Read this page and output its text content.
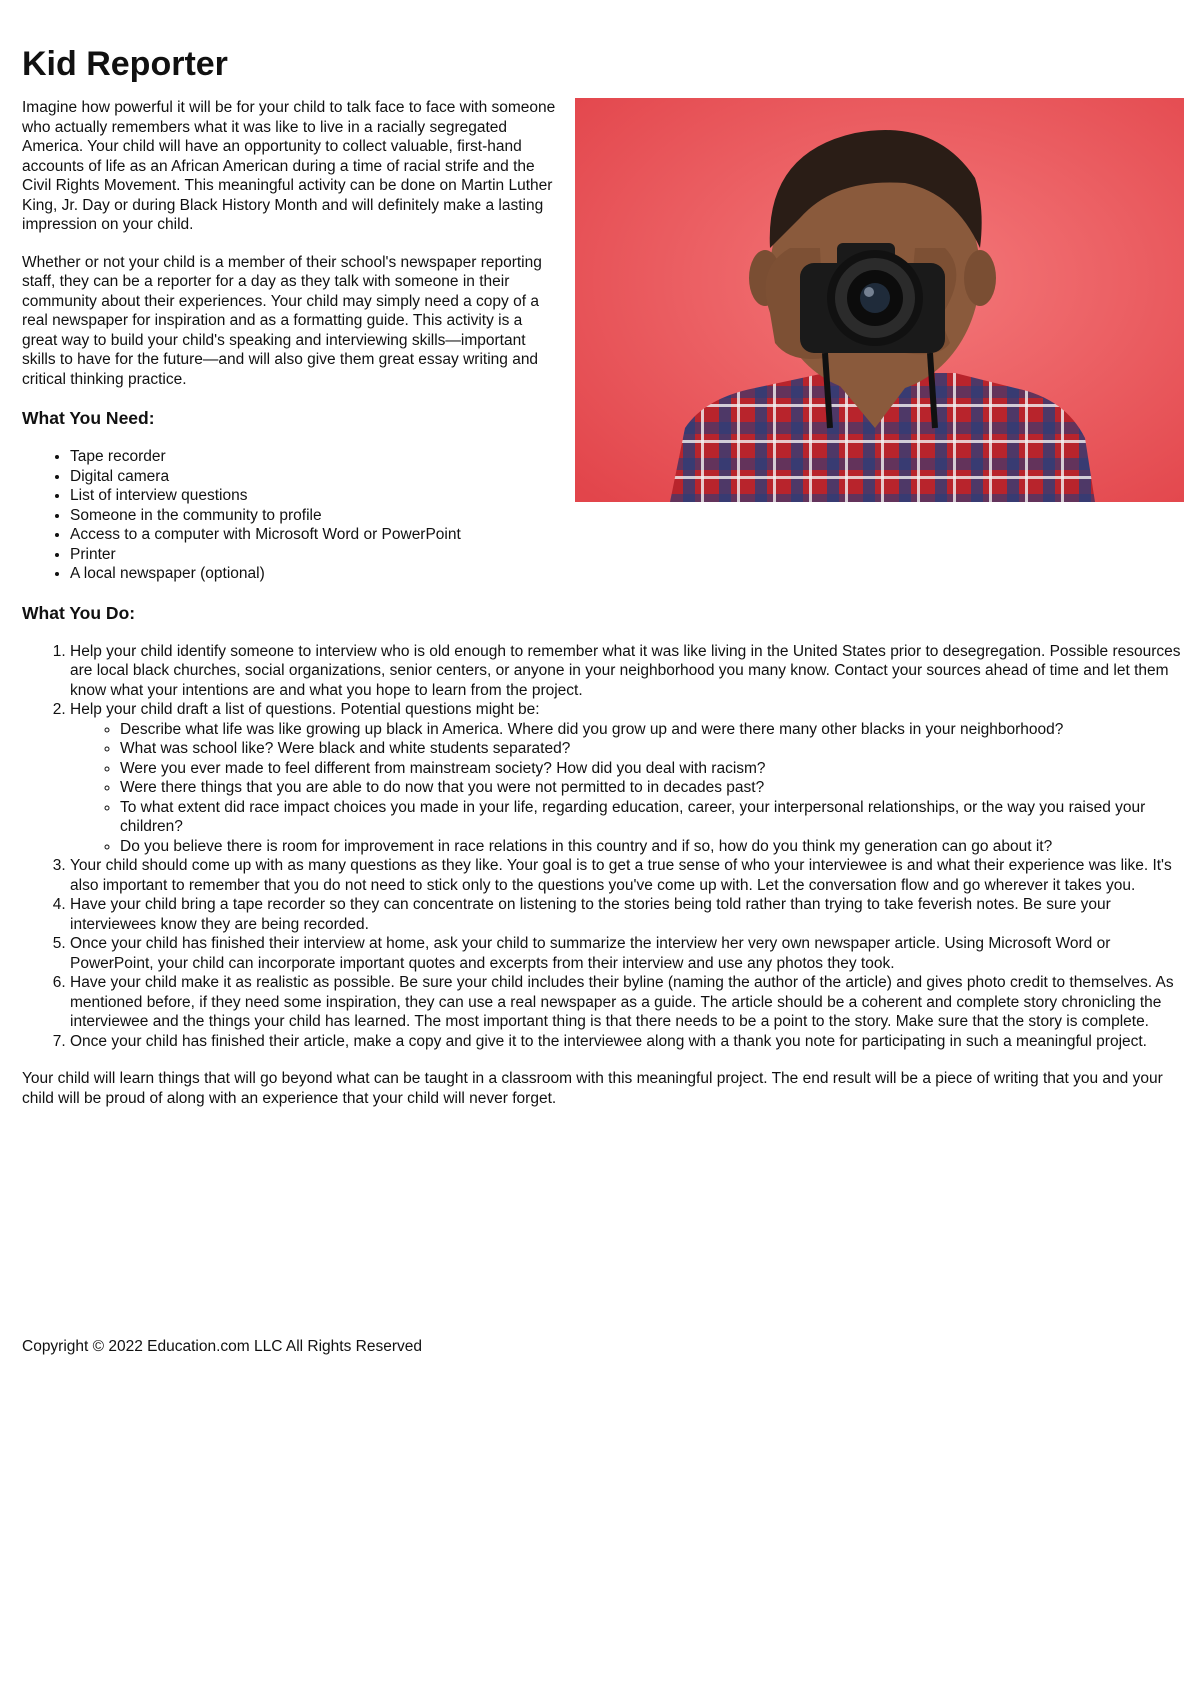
Kid Reporter

Imagine how powerful it will be for your child to talk face to face with someone who actually remembers what it was like to live in a racially segregated America. Your child will have an opportunity to collect valuable, first-hand accounts of life as an African American during a time of racial strife and the Civil Rights Movement. This meaningful activity can be done on Martin Luther King, Jr. Day or during Black History Month and will definitely make a lasting impression on your child.

Whether or not your child is a member of their school's newspaper reporting staff, they can be a reporter for a day as they talk with someone in their community about their experiences. Your child may simply need a copy of a real newspaper for inspiration and as a formatting guide. This activity is a great way to build your child's speaking and interviewing skills—important skills to have for the future—and will also give them great essay writing and critical thinking practice.

What You Need:
• Tape recorder
• Digital camera
• List of interview questions
• Someone in the community to profile
• Access to a computer with Microsoft Word or PowerPoint
• Printer
• A local newspaper (optional)
What You Do:
1. Help your child identify someone to interview who is old enough to remember what it was like living in the United States prior to desegregation. Possible resources are local black churches, social organizations, senior centers, or anyone in your neighborhood you many know. Contact your sources ahead of time and let them know what your intentions are and what you hope to learn from the project.
2. Help your child draft a list of questions. Potential questions might be:
◦ Describe what life was like growing up black in America. Where did you grow up and were there many other blacks in your neighborhood?
◦ What was school like? Were black and white students separated?
◦ Were you ever made to feel different from mainstream society? How did you deal with racism?
◦ Were there things that you are able to do now that you were not permitted to in decades past?
◦ To what extent did race impact choices you made in your life, regarding education, career, your interpersonal relationships, or the way you raised your children?
◦ Do you believe there is room for improvement in race relations in this country and if so, how do you think my generation can go about it?
3. Your child should come up with as many questions as they like. Your goal is to get a true sense of who your interviewee is and what their experience was like. It's also important to remember that you do not need to stick only to the questions you've come up with. Let the conversation flow and go wherever it takes you.
4. Have your child bring a tape recorder so they can concentrate on listening to the stories being told rather than trying to take feverish notes. Be sure your interviewees know they are being recorded.
5. Once your child has finished their interview at home, ask your child to summarize the interview her very own newspaper article. Using Microsoft Word or PowerPoint, your child can incorporate important quotes and excerpts from their interview and use any photos they took.
6. Have your child make it as realistic as possible. Be sure your child includes their byline (naming the author of the article) and gives photo credit to themselves. As mentioned before, if they need some inspiration, they can use a real newspaper as a guide. The article should be a coherent and complete story chronicling the interviewee and the things your child has learned. The most important thing is that there needs to be a point to the story. Make sure that the story is complete.
7. Once your child has finished their article, make a copy and give it to the interviewee along with a thank you note for participating in such a meaningful project.

Your child will learn things that will go beyond what can be taught in a classroom with this meaningful project. The end result will be a piece of writing that you and your child will be proud of along with an experience that your child will never forget.

Copyright © 2022 Education.com LLC All Rights Reserved
